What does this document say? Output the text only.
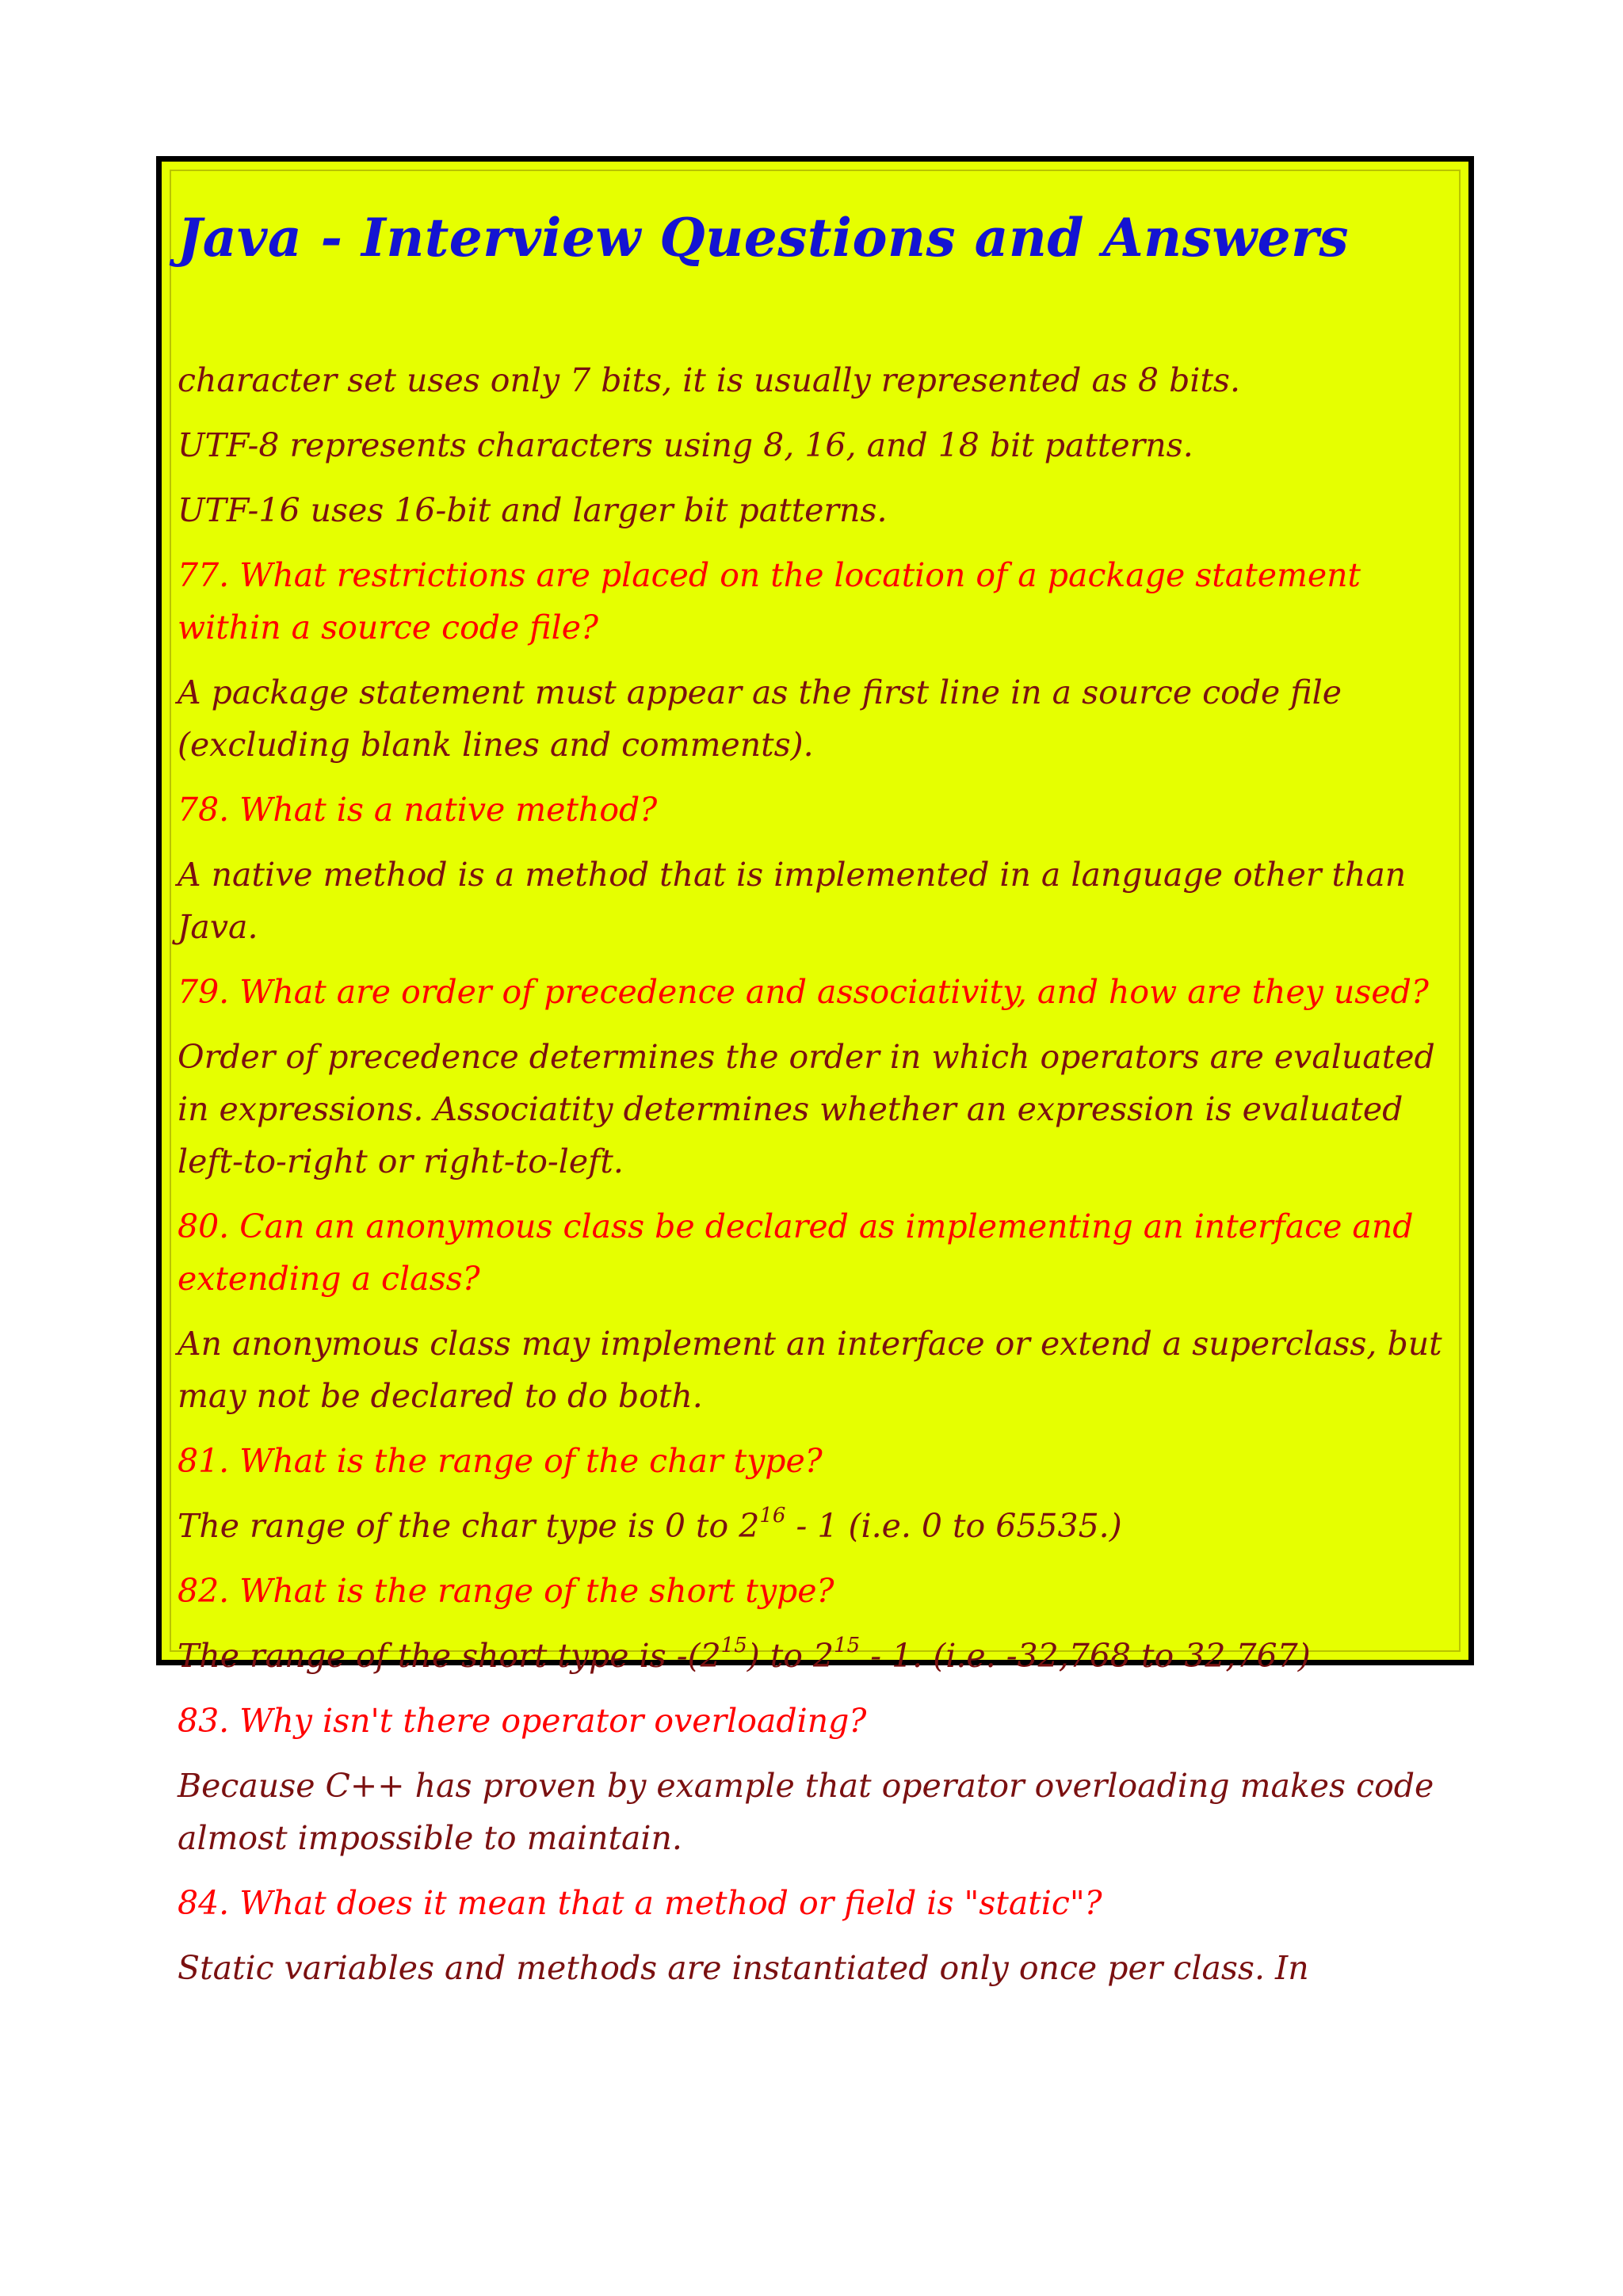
Java - Interview Questions and Answers

character set uses only 7 bits, it is usually represented as 8 bits.

UTF-8 represents characters using 8, 16, and 18 bit patterns.

UTF-16 uses 16-bit and larger bit patterns.

77. What restrictions are placed on the location of a package statement within a source code file?

A package statement must appear as the first line in a source code file (excluding blank lines and comments).

78. What is a native method?

A native method is a method that is implemented in a language other than Java.

79. What are order of precedence and associativity, and how are they used?

Order of precedence determines the order in which operators are evaluated in expressions. Associatity determines whether an expression is evaluated left-to-right or right-to-left.

80. Can an anonymous class be declared as implementing an interface and extending a class?

An anonymous class may implement an interface or extend a superclass, but may not be declared to do both.

81. What is the range of the char type?

The range of the char type is 0 to $2^{16} - 1$ (i.e. 0 to 65535.)

82. What is the range of the short type?

The range of the short type is $-(2^{15})$ to $2^{15} - 1$. (i.e. -32,768 to 32,767)

83. Why isn't there operator overloading?

Because C++ has proven by example that operator overloading makes code almost impossible to maintain.

84. What does it mean that a method or field is "static"?

Static variables and methods are instantiated only once per class. In
